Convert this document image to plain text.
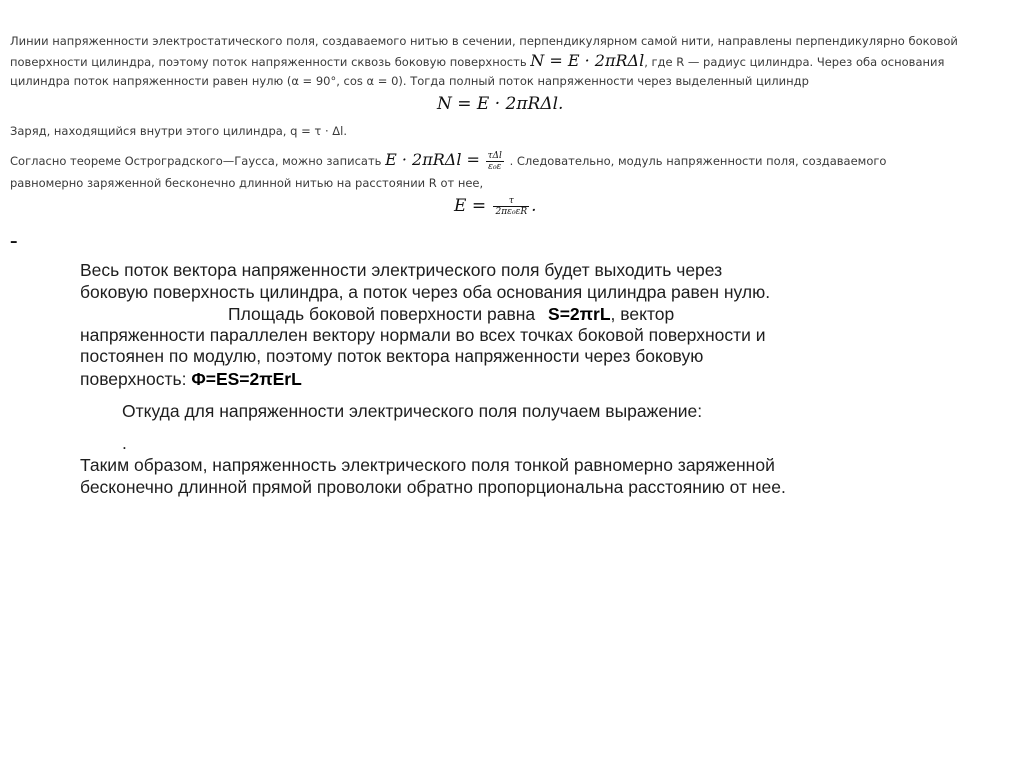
Линии напряженности электростатического поля, создаваемого нитью в сечении, перпендикулярном самой нити, направлены перпендикулярно боковой
поверхности цилиндра, поэтому поток напряженности сквозь боковую поверхность N = E · 2πRΔl, где R — радиус цилиндра. Через оба основания
цилиндра поток напряженности равен нулю (α = 90°, cos α = 0). Тогда полный поток напряженности через выделенный цилиндр
N = E · 2πRΔl.
Заряд, находящийся внутри этого цилиндра, q = τ · Δl.
Согласно теореме Остроградского—Гаусса, можно записать $E \cdot 2\pi R\Delta l = \frac{\text{τΔl}}{\text{ε₀ε}}$ . Следовательно, модуль напряженности поля, создаваемого
равномерно заряженной бесконечно длинной нитью на расстоянии R от нее,
$E = \frac{\tau}{\text{2πε₀εR}}$ .
–
Весь поток вектора напряженности электрического поля будет выходить через
боковую поверхность цилиндра, а поток через оба основания цилиндра равен нулю.
Площадь боковой поверхности равна S=2πrL, вектор
напряженности параллелен вектору нормали во всех точках боковой поверхности и
постоянен по модулю, поэтому поток вектора напряженности через боковую
поверхность: Φ=ES=2πErL
Откуда для напряженности электрического поля получаем выражение:
.
Таким образом, напряженность электрического поля тонкой равномерно заряженной
бесконечно длинной прямой проволоки обратно пропорциональна расстоянию от нее.
